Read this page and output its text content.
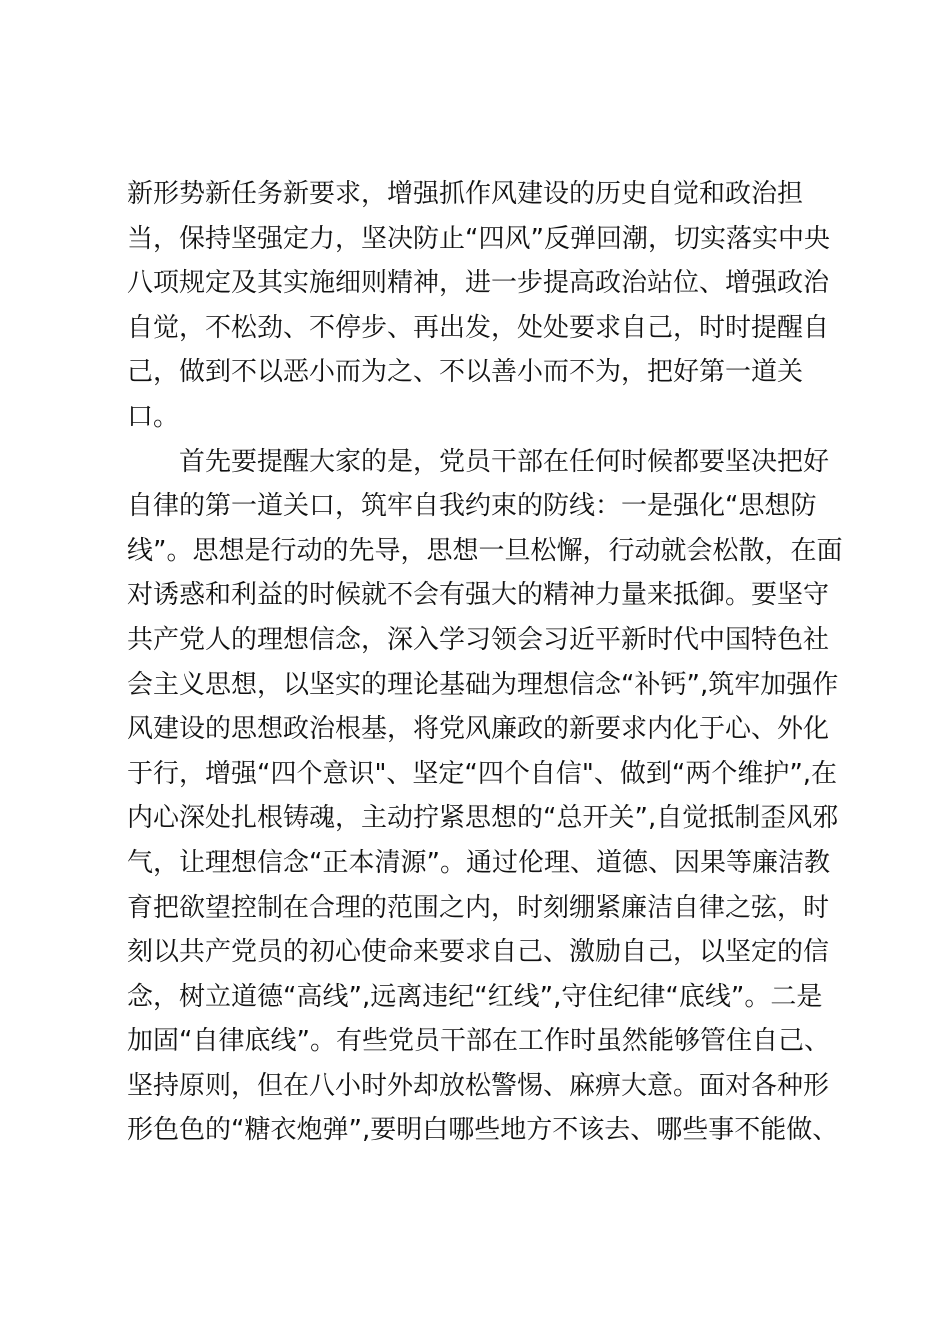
新形势新任务新要求，增强抓作风建设的历史自觉和政治担
当，保持坚强定力，坚决防止“四风”反弹回潮，切实落实中央
八项规定及其实施细则精神，进一步提高政治站位、增强政治
自觉，不松劲、不停步、再出发，处处要求自己，时时提醒自
己，做到不以恶小而为之、不以善小而不为，把好第一道关
口。
首先要提醒大家的是，党员干部在任何时候都要坚决把好
自律的第一道关口，筑牢自我约束的防线：一是强化“思想防
线”。思想是行动的先导，思想一旦松懈，行动就会松散，在面
对诱惑和利益的时候就不会有强大的精神力量来抵御。要坚守
共产党人的理想信念，深入学习领会习近平新时代中国特色社
会主义思想，以坚实的理论基础为理想信念“补钙”,筑牢加强作
风建设的思想政治根基，将党风廉政的新要求内化于心、外化
于行，增强“四个意识"、坚定“四个自信"、做到“两个维护”,在
内心深处扎根铸魂，主动拧紧思想的“总开关”,自觉抵制歪风邪
气，让理想信念“正本清源”。通过伦理、道德、因果等廉洁教
育把欲望控制在合理的范围之内，时刻绷紧廉洁自律之弦，时
刻以共产党员的初心使命来要求自己、激励自己，以坚定的信
念，树立道德“高线”,远离违纪“红线”,守住纪律“底线”。二是
加固“自律底线”。有些党员干部在工作时虽然能够管住自己、
坚持原则，但在八小时外却放松警惕、麻痹大意。面对各种形
形色色的“糖衣炮弹”,要明白哪些地方不该去、哪些事不能做、
